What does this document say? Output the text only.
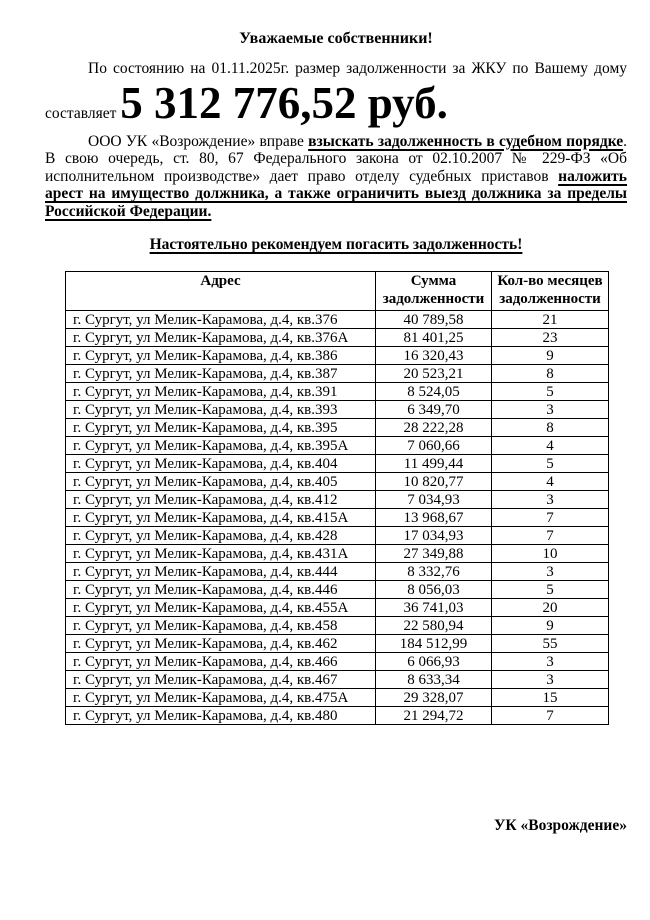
Уважаемые собственники!

По состоянию на 01.11.2025г. размер задолженности за ЖКУ по Вашему дому составляет 5 312 776,52 руб.

ООО УК «Возрождение» вправе взыскать задолженность в судебном порядке. В свою очередь, ст. 80, 67 Федерального закона от 02.10.2007 № 229-ФЗ «Об исполнительном производстве» дает право отделу судебных приставов наложить арест на имущество должника, а также ограничить выезд должника за пределы Российской Федерации.

Настоятельно рекомендуем погасить задолженность!

Адрес	Сумма задолженности	Кол-во месяцев задолженности
г. Сургут, ул Мелик-Карамова, д.4, кв.376	40 789,58	21
г. Сургут, ул Мелик-Карамова, д.4, кв.376А	81 401,25	23
г. Сургут, ул Мелик-Карамова, д.4, кв.386	16 320,43	9
г. Сургут, ул Мелик-Карамова, д.4, кв.387	20 523,21	8
г. Сургут, ул Мелик-Карамова, д.4, кв.391	8 524,05	5
г. Сургут, ул Мелик-Карамова, д.4, кв.393	6 349,70	3
г. Сургут, ул Мелик-Карамова, д.4, кв.395	28 222,28	8
г. Сургут, ул Мелик-Карамова, д.4, кв.395А	7 060,66	4
г. Сургут, ул Мелик-Карамова, д.4, кв.404	11 499,44	5
г. Сургут, ул Мелик-Карамова, д.4, кв.405	10 820,77	4
г. Сургут, ул Мелик-Карамова, д.4, кв.412	7 034,93	3
г. Сургут, ул Мелик-Карамова, д.4, кв.415А	13 968,67	7
г. Сургут, ул Мелик-Карамова, д.4, кв.428	17 034,93	7
г. Сургут, ул Мелик-Карамова, д.4, кв.431А	27 349,88	10
г. Сургут, ул Мелик-Карамова, д.4, кв.444	8 332,76	3
г. Сургут, ул Мелик-Карамова, д.4, кв.446	8 056,03	5
г. Сургут, ул Мелик-Карамова, д.4, кв.455А	36 741,03	20
г. Сургут, ул Мелик-Карамова, д.4, кв.458	22 580,94	9
г. Сургут, ул Мелик-Карамова, д.4, кв.462	184 512,99	55
г. Сургут, ул Мелик-Карамова, д.4, кв.466	6 066,93	3
г. Сургут, ул Мелик-Карамова, д.4, кв.467	8 633,34	3
г. Сургут, ул Мелик-Карамова, д.4, кв.475А	29 328,07	15
г. Сургут, ул Мелик-Карамова, д.4, кв.480	21 294,72	7

УК «Возрождение»
